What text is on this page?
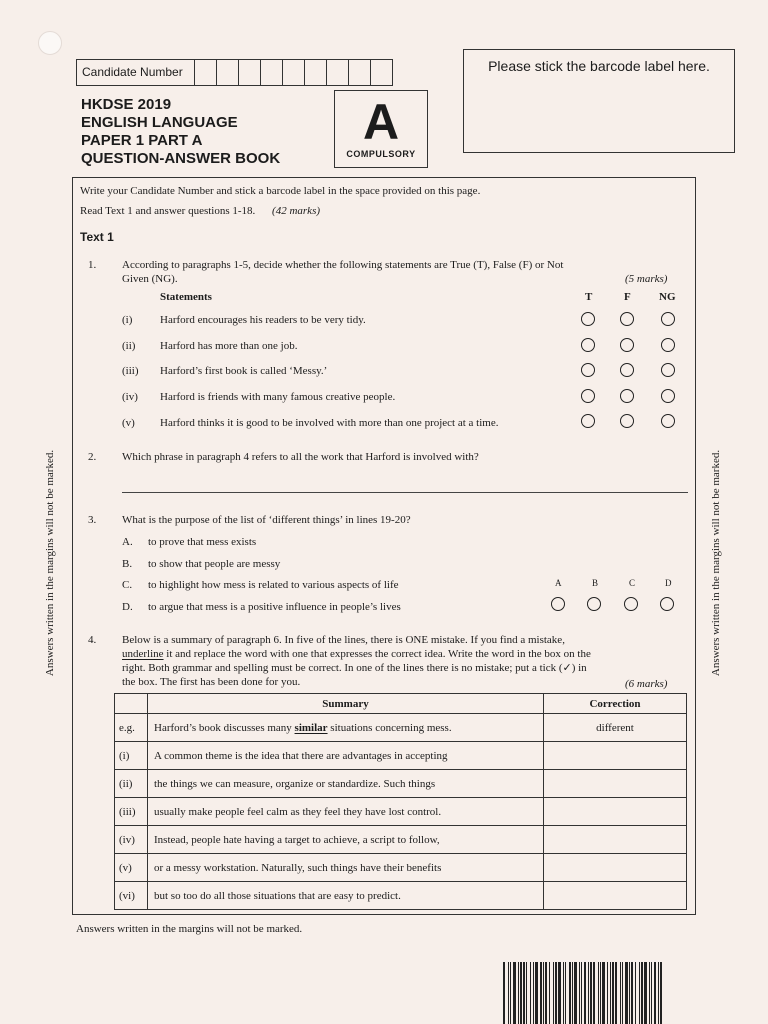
Candidate Number	Please stick the barcode label here.
HKDSE 2019
ENGLISH LANGUAGE
PAPER 1 PART A
QUESTION-ANSWER BOOK
A
COMPULSORY
Write your Candidate Number and stick a barcode label in the space provided on this page.
Read Text 1 and answer questions 1-18. (42 marks)
Text 1
1. According to paragraphs 1-5, decide whether the following statements are True (T), False (F) or Not
Given (NG).	(5 marks)
Statements	T	F	NG
(i)	Harford encourages his readers to be very tidy.
(ii) Harford has more than one job.
(iii) Harford’s first book is called ‘Messy.’
(iv) Harford is friends with many famous creative people.
(v) Harford thinks it is good to be involved with more than one project at a time.
2. Which phrase in paragraph 4 refers to all the work that Harford is involved with?
3. What is the purpose of the list of ‘different things’ in lines 19-20?
A. to prove that mess exists
B. to show that people are messy
C. to highlight how mess is related to various aspects of life
D. to argue that mess is a positive influence in people’s lives
A	B	C	D
4. Below is a summary of paragraph 6. In five of the lines, there is ONE mistake. If you find a mistake,
underline it and replace the word with one that expresses the correct idea. Write the word in the box on the
right. Both grammar and spelling must be correct. In one of the lines there is no mistake; put a tick (✓) in
the box. The first has been done for you.	(6 marks)
	Summary	Correction
e.g.	Harford’s book discusses many similar situations concerning mess.	different
(i)	A common theme is the idea that there are advantages in accepting	
(ii)	the things we can measure, organize or standardize. Such things	
(iii)	usually make people feel calm as they feel they have lost control.	
(iv)	Instead, people hate having a target to achieve, a script to follow,	
(v)	or a messy workstation. Naturally, such things have their benefits	
(vi)	but so too do all those situations that are easy to predict.	
Answers written in the margins will not be marked.	Answers written in the margins will not be marked.
Answers written in the margins will not be marked.
